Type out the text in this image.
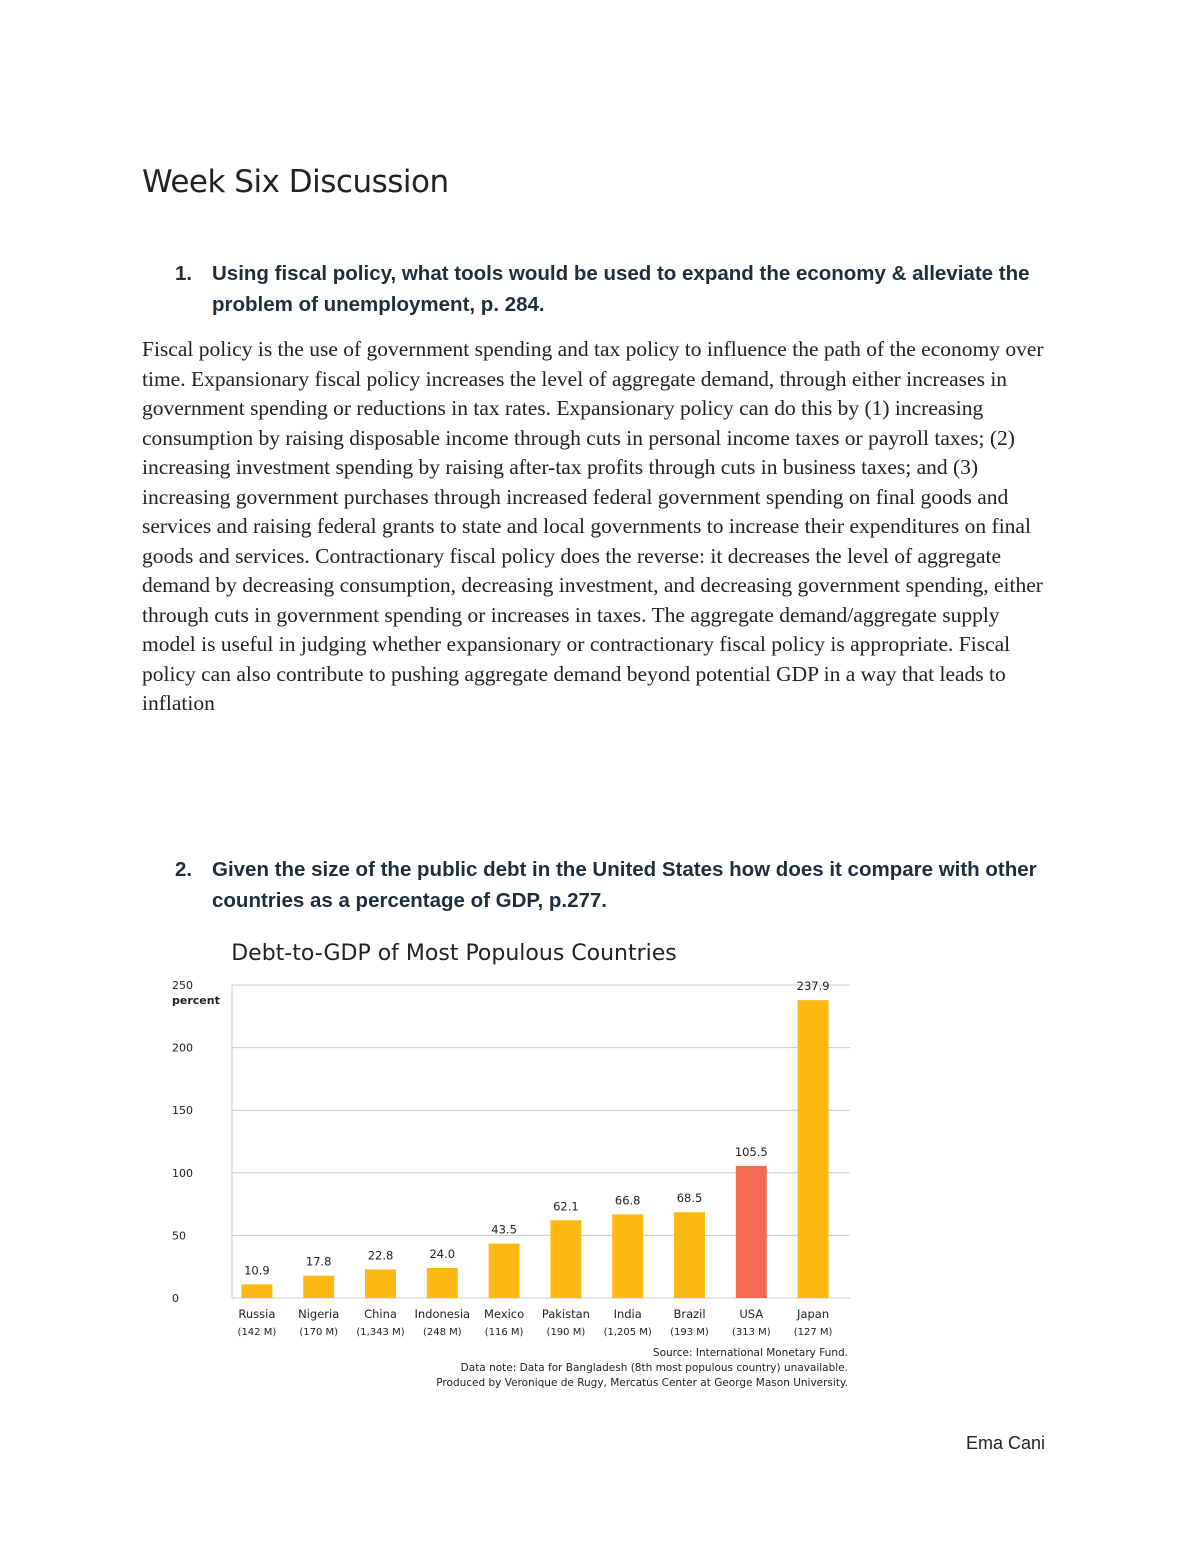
Week Six Discussion
1. Using fiscal policy, what tools would be used to expand the economy & alleviate the problem of unemployment, p. 284.

Fiscal policy is the use of government spending and tax policy to influence the path of the economy over time. Expansionary fiscal policy increases the level of aggregate demand, through either increases in government spending or reductions in tax rates. Expansionary policy can do this by (1) increasing consumption by raising disposable income through cuts in personal income taxes or payroll taxes; (2) increasing investment spending by raising after-tax profits through cuts in business taxes; and (3) increasing government purchases through increased federal government spending on final goods and services and raising federal grants to state and local governments to increase their expenditures on final goods and services. Contractionary fiscal policy does the reverse: it decreases the level of aggregate demand by decreasing consumption, decreasing investment, and decreasing government spending, either through cuts in government spending or increases in taxes. The aggregate demand/aggregate supply model is useful in judging whether expansionary or contractionary fiscal policy is appropriate. Fiscal policy can also contribute to pushing aggregate demand beyond potential GDP in a way that leads to inflation

2. Given the size of the public debt in the United States how does it compare with other countries as a percentage of GDP, p.277.
Debt-to-GDP of Most Populous Countries
0
50
100
150
200
250
percent
10.9
Russia
(142 M)
17.8
Nigeria
(170 M)
22.8
China
(1,343 M)
24.0
Indonesia
(248 M)
43.5
Mexico
(116 M)
62.1
Pakistan
(190 M)
66.8
India
(1,205 M)
68.5
Brazil
(193 M)
105.5
USA
(313 M)
237.9
Japan
(127 M)
Source: International Monetary Fund.
Data note: Data for Bangladesh (8th most populous country) unavailable.
Produced by Veronique de Rugy, Mercatus Center at George Mason University.
Ema Cani
